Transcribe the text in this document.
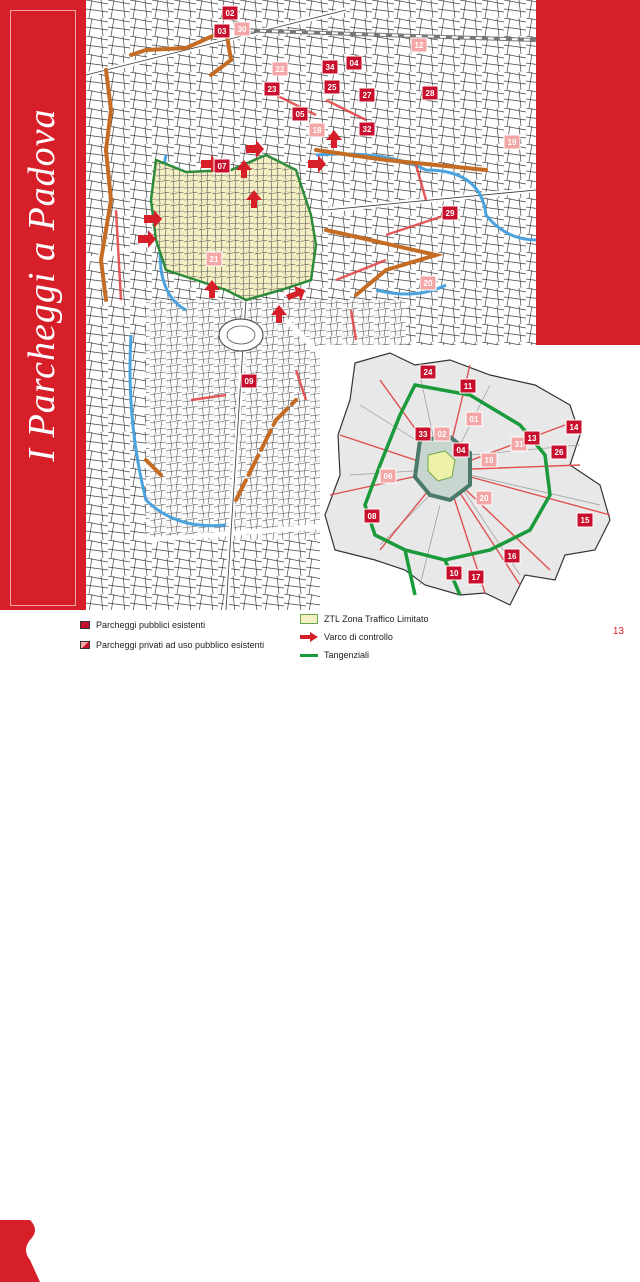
I Parcheggi a Padova
02
03 30
12
22	34 04
23	25
27	28
05
18	32
19
07
29
21
20
09
24
11
01
33 02
04
31
13
14
26
19
06
20
08	15
16
10 17
Parcheggi pubblici esistenti
Parcheggi privati ad uso pubblico esistenti
ZTL Zona Traffico Limitato
Varco di controllo
Tangenziali
12	13
